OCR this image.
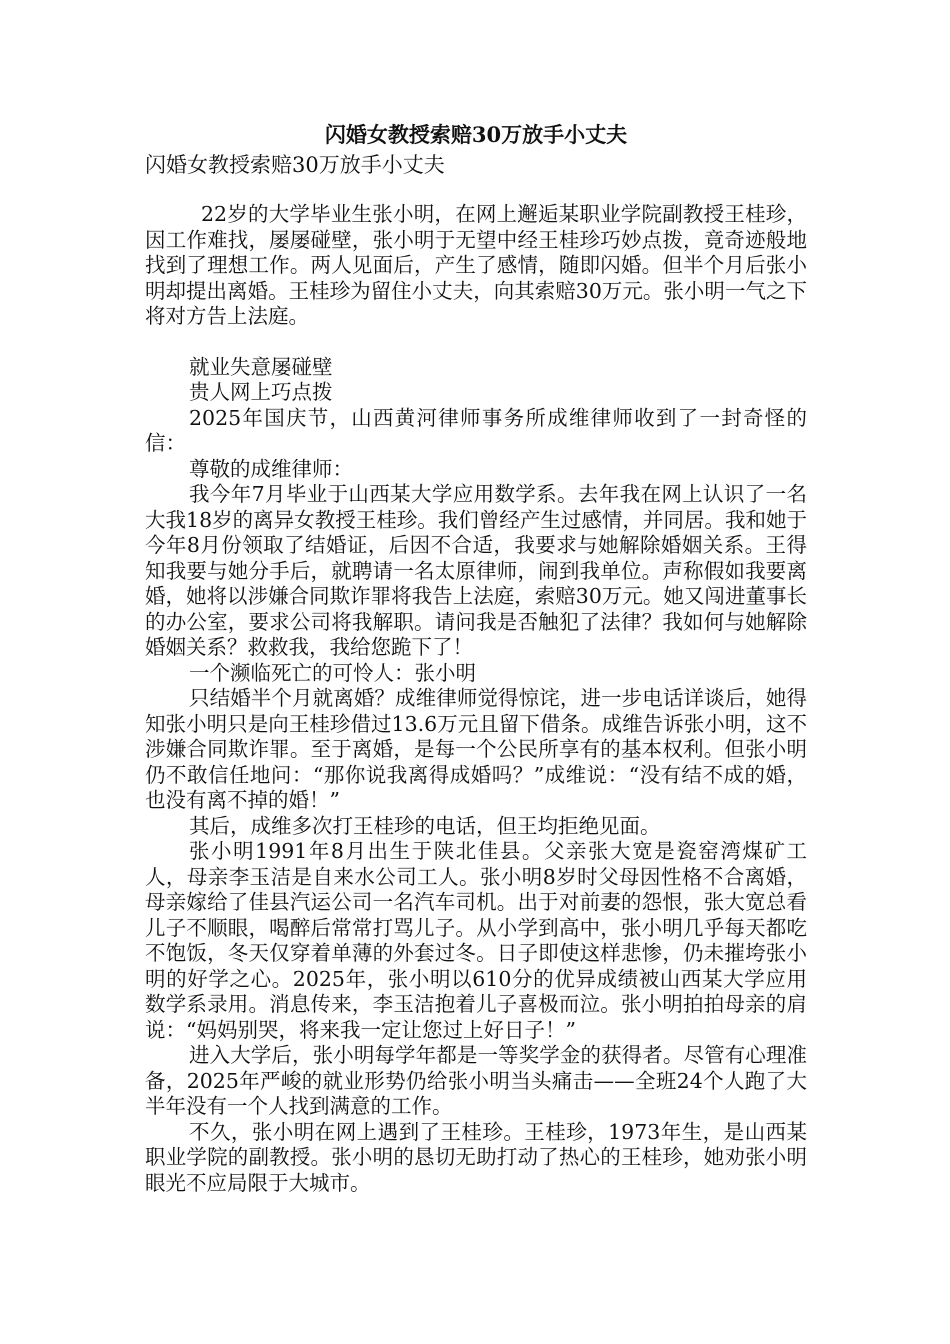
闪婚女教授索赔30万放手小丈夫

闪婚女教授索赔30万放手小丈夫

22岁的大学毕业生张小明，在网上邂逅某职业学院副教授王桂珍，因工作难找，屡屡碰壁，张小明于无望中经王桂珍巧妙点拨，竟奇迹般地找到了理想工作。两人见面后，产生了感情，随即闪婚。但半个月后张小明却提出离婚。王桂珍为留住小丈夫，向其索赔30万元。张小明一气之下将对方告上法庭。

就业失意屡碰壁

贵人网上巧点拨

2025年国庆节，山西黄河律师事务所成维律师收到了一封奇怪的信：

尊敬的成维律师：

我今年7月毕业于山西某大学应用数学系。去年我在网上认识了一名大我18岁的离异女教授王桂珍。我们曾经产生过感情，并同居。我和她于今年8月份领取了结婚证，后因不合适，我要求与她解除婚姻关系。王得知我要与她分手后，就聘请一名太原律师，闹到我单位。声称假如我要离婚，她将以涉嫌合同欺诈罪将我告上法庭，索赔30万元。她又闯进董事长的办公室，要求公司将我解职。请问我是否触犯了法律？我如何与她解除婚姻关系？救救我，我给您跪下了！

一个濒临死亡的可怜人：张小明

只结婚半个月就离婚？成维律师觉得惊诧，进一步电话详谈后，她得知张小明只是向王桂珍借过13.6万元且留下借条。成维告诉张小明，这不涉嫌合同欺诈罪。至于离婚，是每一个公民所享有的基本权利。但张小明仍不敢信任地问：“那你说我离得成婚吗？”成维说：“没有结不成的婚，也没有离不掉的婚！”

其后，成维多次打王桂珍的电话，但王均拒绝见面。

张小明1991年8月出生于陕北佳县。父亲张大宽是瓷窑湾煤矿工人，母亲李玉洁是自来水公司工人。张小明8岁时父母因性格不合离婚，母亲嫁给了佳县汽运公司一名汽车司机。出于对前妻的怨恨，张大宽总看儿子不顺眼，喝醉后常常打骂儿子。从小学到高中，张小明几乎每天都吃不饱饭，冬天仅穿着单薄的外套过冬。日子即使这样悲惨，仍未摧垮张小明的好学之心。2025年，张小明以610分的优异成绩被山西某大学应用数学系录用。消息传来，李玉洁抱着儿子喜极而泣。张小明拍拍母亲的肩说：“妈妈别哭，将来我一定让您过上好日子！”

进入大学后，张小明每学年都是一等奖学金的获得者。尽管有心理准备，2025年严峻的就业形势仍给张小明当头痛击——全班24个人跑了大半年没有一个人找到满意的工作。

不久，张小明在网上遇到了王桂珍。王桂珍，1973年生，是山西某职业学院的副教授。张小明的恳切无助打动了热心的王桂珍，她劝张小明眼光不应局限于大城市。
